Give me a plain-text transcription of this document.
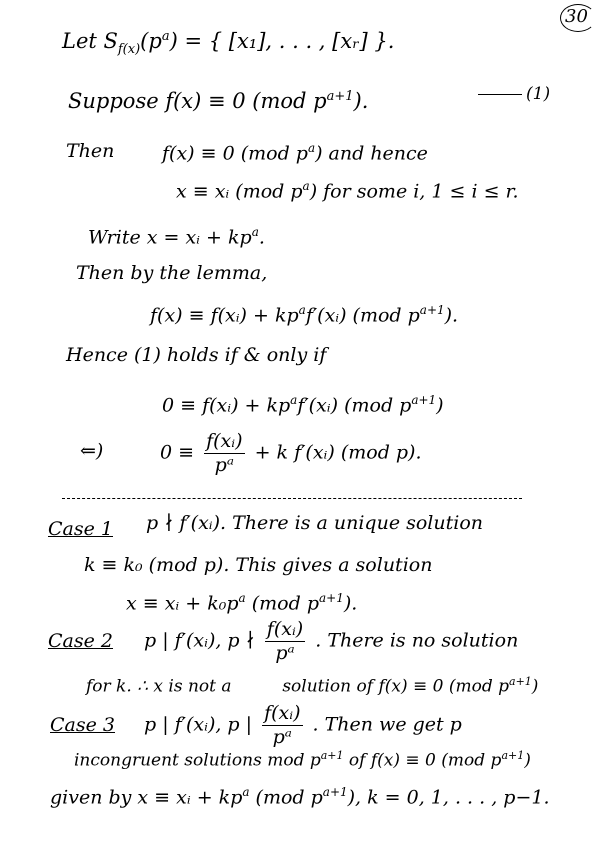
30
Let $S_{f(x)}(p^a)$ = { [x₁], . . . , [xᵣ] }.
Suppose f(x) ≡ 0 (mod $p^{a+1}$).	(1)
Then	f(x) ≡ 0 (mod $p^a$) and hence
x ≡ xᵢ (mod $p^a$) for some i, 1 ≤ i ≤ r.
Write x = xᵢ + $kp^a$.
Then by the lemma,
f(x) ≡ f(xᵢ) + $kp^af'(xᵢ)$ (mod $p^{a+1}$).
Hence (1) holds if & only if
0 ≡ f(xᵢ) + $kp^af'(xᵢ)$ (mod $p^{a+1}$)
⇐)	$0 \equiv \frac{\text{f(xᵢ)}}{\text{pᵃ}} + k$ f′(xᵢ) (mod p).
Case 1 p ∤ f′(xᵢ). There is a unique solution
k ≡ k₀ (mod p). This gives a solution
x ≡ xᵢ + $k_0p^a$ (mod $p^{a+1}$).
Case 2 p | f′(xᵢ), p ∤ $\frac{\text{f(xᵢ)}}{\text{pᵃ}}$ . There is no solution
for k. ∴ x is not a	solution of f(x) ≡ 0 (mod $p^{a+1}$)
Case 3 p | f′(xᵢ), p | $\frac{\text{f(xᵢ)}}{\text{pᵃ}}$ . Then we get p
incongruent solutions mod $p^{a+1}$ of f(x) ≡ 0 (mod $p^{a+1}$)
given by x ≡ xᵢ + $kp^a$ (mod $p^{a+1}$), k = 0, 1, . . . , p−1.
